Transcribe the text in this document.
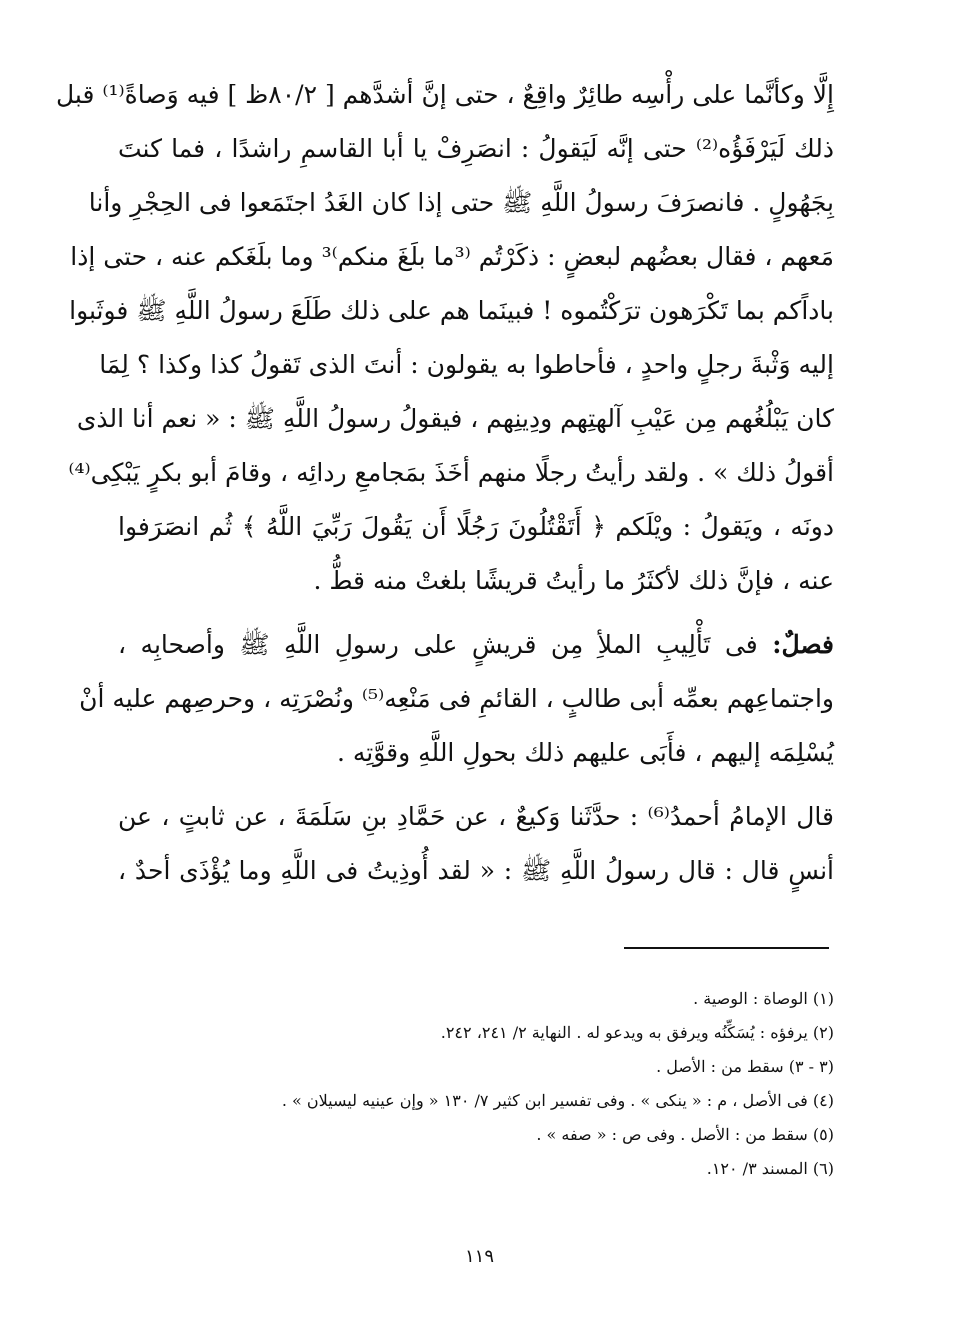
إِلَّا وكأنَّما على رأْسِه طائِرٌ واقِعٌ ، حتى إنَّ أشدَّهم [ ٨٠/٢ظ ] فيه وَصاةً⁽¹⁾ قبل
ذلك لَيَرْفَؤُه⁽²⁾ حتى إنَّه لَيَقولُ : انصَرِفْ يا أبا القاسمِ راشدًا ، فما كنتَ
بِجَهُولٍ . فانصرَفَ رسولُ اللَّهِ ﷺ حتى إذا كان الغَدُ اجتَمَعوا فى الحِجْرِ وأنا
مَعهم ، فقال بعضُهم لبعضٍ : ذكَرْتُم ⁽³ما بلَغَ منكم⁾³ وما بلَغَكم عنه ، حتى إذا
باداًكم بما تَكْرَهون ترَكْتُموه ! فبينَما هم على ذلك طَلَعَ رسولُ اللَّهِ ﷺ فوثَبوا
إليه وَثْبةَ رجلٍ واحدٍ ، فأحاطوا به يقولون : أنتَ الذى تَقولُ كذا وكذا ؟ لِمَا
كان يَبْلُغُهم مِن عَيْبِ آلهتِهم ودِينِهم ، فيقولُ رسولُ اللَّهِ ﷺ : « نعم أنا الذى
أقولُ ذلك » . ولقد رأيتُ رجلًا منهم أخَذَ بمَجامعِ ردائِه ، وقامَ أبو بكرٍ يَبْكِى⁽⁴⁾
دونَه ، ويَقولُ : ويْلَكم ﴿ أَتَقْتُلُونَ رَجُلًا أَن يَقُولَ رَبِّيَ اللَّهُ ﴾ ثُم انصَرَفوا
عنه ، فإنَّ ذلك لأكثَرُ ما رأيتُ قريشًا بلغتْ منه قطُّ .
فصلٌ: فى تَأْلِيبِ الملأِ مِن قريشٍ على رسولِ اللَّهِ ﷺ وأصحابِه ،
واجتماعِهم بعمِّه أبى طالبٍ ، القائمِ فى مَنْعِه⁽⁵⁾ ونُصْرَتِه ، وحرصِهم عليه أنْ
يُسْلِمَه إليهم ، فأَبَى عليهم ذلك بحولِ اللَّهِ وقوَّتِه .
قال الإمامُ أحمدُ⁽⁶⁾ : حدَّثَنا وَكيعٌ ، عن حَمَّادِ بنِ سَلَمَةَ ، عن ثابتٍ ، عن
أنسٍ قال : قال رسولُ اللَّهِ ﷺ : « لقد أُوذِيتُ فى اللَّهِ وما يُؤْذَى أحدٌ ،
(١) الوصاة : الوصية .
(٢) يرفؤه : يُسَكِّنُه ويرفق به ويدعو له . النهاية ٢/ ٢٤١، ٢٤٢.
(٣ - ٣) سقط من : الأصل .
(٤) فى الأصل ، م : « ينكى » . وفى تفسير ابن كثير ٧/ ١٣٠ « وإن عينيه ليسيلان » .
(٥) سقط من : الأصل . وفى ص : « صفه » .
(٦) المسند ٣/ ١٢٠.
١١٩
